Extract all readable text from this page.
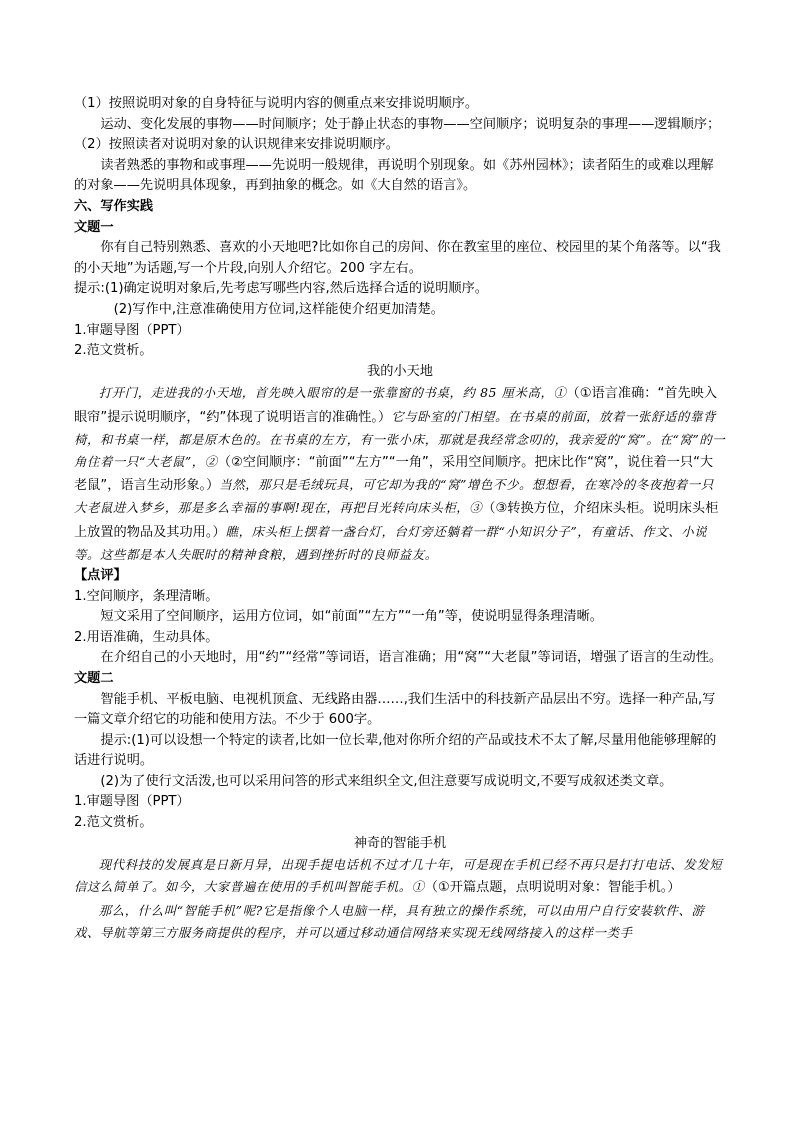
（1）按照说明对象的自身特征与说明内容的侧重点来安排说明顺序。

运动、变化发展的事物——时间顺序；处于静止状态的事物——空间顺序；说明复杂的事理——逻辑顺序；

（2）按照读者对说明对象的认识规律来安排说明顺序。

读者熟悉的事物和或事理——先说明一般规律，再说明个别现象。如《苏州园林》；读者陌生的或难以理解的对象——先说明具体现象，再到抽象的概念。如《大自然的语言》。

六、写作实践

文题一

你有自己特别熟悉、喜欢的小天地吧?比如你自己的房间、你在教室里的座位、校园里的某个角落等。以“我的小天地”为话题,写一个片段,向别人介绍它。200 字左右。

提示:(1)确定说明对象后,先考虑写哪些内容,然后选择合适的说明顺序。

(2)写作中,注意准确使用方位词,这样能使介绍更加清楚。

1.审题导图（PPT）

2.范文赏析。

我的小天地

打开门，走进我的小天地，首先映入眼帘的是一张靠窗的书桌，约 85 厘米高，①（①语言准确：“首先映入眼帘”提示说明顺序，“约”体现了说明语言的准确性。）它与卧室的门相望。在书桌的前面，放着一张舒适的靠背椅，和书桌一样，都是原木色的。在书桌的左方，有一张小床，那就是我经常念叨的，我亲爱的“窝”。在“窝”的一角住着一只“大老鼠”，②（②空间顺序：“前面”“左方”“一角”，采用空间顺序。把床比作“窝”，说住着一只“大老鼠”，语言生动形象。）当然，那只是毛绒玩具，可它却为我的“窝”增色不少。想想看，在寒冷的冬夜抱着一只大老鼠进入梦乡，那是多么幸福的事啊!现在，再把目光转向床头柜，③（③转换方位，介绍床头柜。说明床头柜上放置的物品及其功用。）瞧，床头柜上摆着一盏台灯，台灯旁还躺着一群“小知识分子”，有童话、作文、小说等。这些都是本人失眠时的精神食粮，遇到挫折时的良师益友。

【点评】

1.空间顺序，条理清晰。

短文采用了空间顺序，运用方位词，如“前面”“左方”“一角”等，使说明显得条理清晰。

2.用语准确，生动具体。

在介绍自己的小天地时，用“约”“经常”等词语，语言准确；用“窝”“大老鼠”等词语，增强了语言的生动性。

文题二

智能手机、平板电脑、电视机顶盒、无线路由器……,我们生活中的科技新产品层出不穷。选择一种产品,写一篇文章介绍它的功能和使用方法。不少于 600字。

提示:(1)可以设想一个特定的读者,比如一位长辈,他对你所介绍的产品或技术不太了解,尽量用他能够理解的话进行说明。

(2)为了使行文活泼,也可以采用问答的形式来组织全文,但注意要写成说明文,不要写成叙述类文章。

1.审题导图（PPT）

2.范文赏析。

神奇的智能手机

现代科技的发展真是日新月异，出现手提电话机不过才几十年，可是现在手机已经不再只是打打电话、发发短信这么简单了。如今，大家普遍在使用的手机叫智能手机。①（①开篇点题，点明说明对象：智能手机。）

那么，什么叫“智能手机”呢?它是指像个人电脑一样，具有独立的操作系统，可以由用户自行安装软件、游戏、导航等第三方服务商提供的程序，并可以通过移动通信网络来实现无线网络接入的这样一类手
